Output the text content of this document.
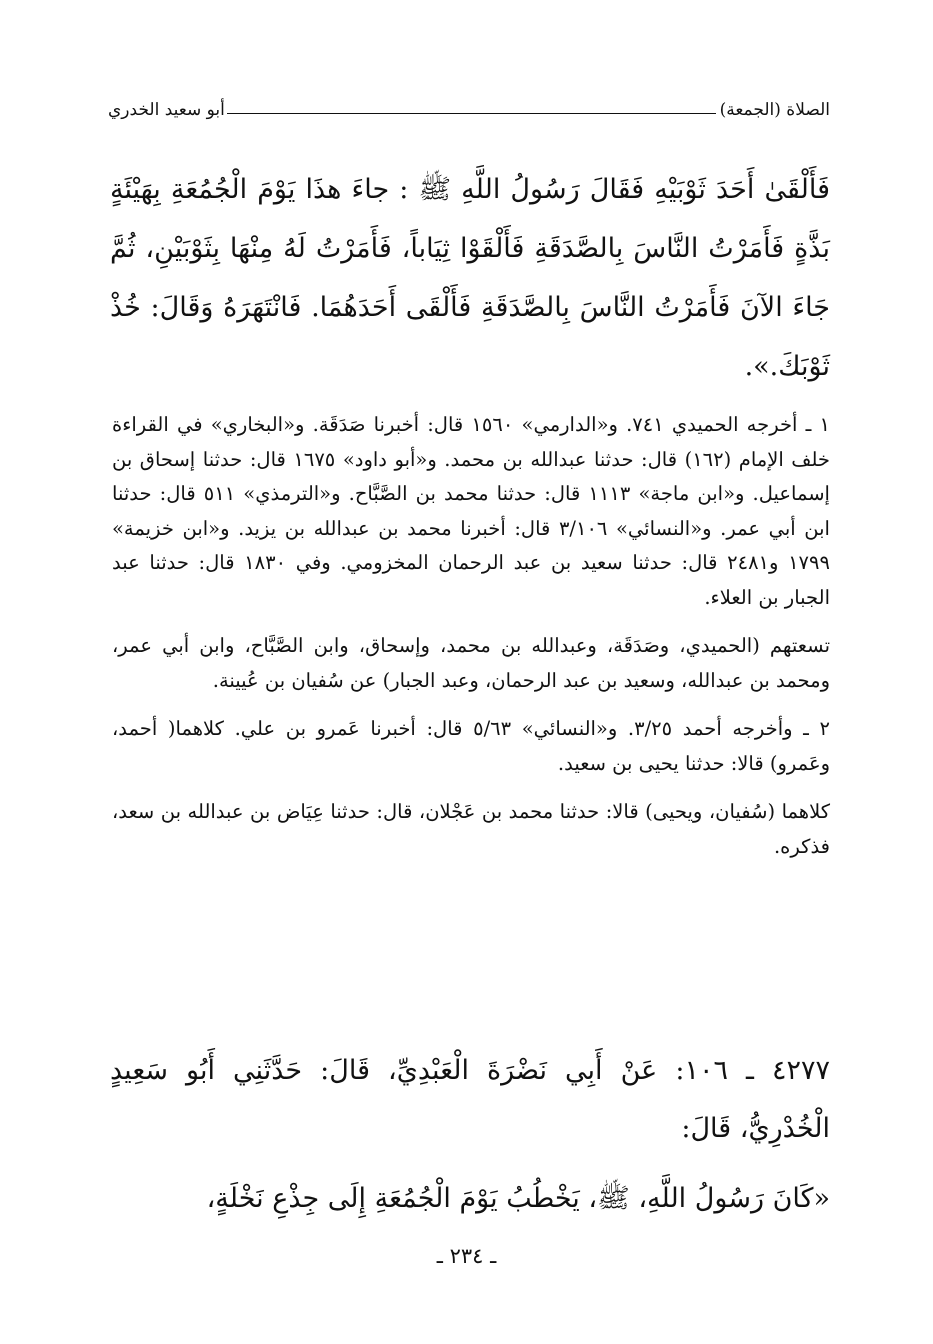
الصلاة (الجمعة)
أبو سعيد الخدري

فَأَلْقَىٰ أَحَدَ ثَوْبَيْهِ فَقَالَ رَسُولُ اللَّهِ ﷺ : جاءَ هذَا يَوْمَ الْجُمُعَةِ بِهَيْئَةٍ بَذَّةٍ فَأَمَرْتُ النَّاسَ بِالصَّدَقَةِ فَأَلْقَوْا ثِيَاباً، فَأَمَرْتُ لَهُ مِنْهَا بِثَوْبَيْنِ، ثُمَّ جَاءَ الآنَ فَأَمَرْتُ النَّاسَ بِالصَّدَقَةِ فَأَلْقَى أَحَدَهُمَا. فَانْتَهَرَهُ وَقَالَ: خُذْ ثَوْبَكَ.».

١ ـ أخرجه الحميدي ٧٤١. و«الدارمي» ١٥٦٠ قال: أخبرنا صَدَقَة. و«البخاري» في القراءة خلف الإمام (١٦٢) قال: حدثنا عبدالله بن محمد. و«أبو داود» ١٦٧٥ قال: حدثنا إسحاق بن إسماعيل. و«ابن ماجة» ١١١٣ قال: حدثنا محمد بن الصَّبَّاح. و«الترمذي» ٥١١ قال: حدثنا ابن أبي عمر. و«النسائي» ٣/١٠٦ قال: أخبرنا محمد بن عبدالله بن يزيد. و«ابن خزيمة» ١٧٩٩ و٢٤٨١ قال: حدثنا سعيد بن عبد الرحمان المخزومي. وفي ١٨٣٠ قال: حدثنا عبد الجبار بن العلاء.

تسعتهم (الحميدي، وصَدَقَة، وعبدالله بن محمد، وإسحاق، وابن الصَّبَّاح، وابن أبي عمر، ومحمد بن عبدالله، وسعيد بن عبد الرحمان، وعبد الجبار) عن سُفيان بن عُيينة.

٢ ـ وأخرجه أحمد ٣/٢٥. و«النسائي» ٥/٦٣ قال: أخبرنا عَمرو بن علي. كلاهما( أحمد، وعَمرو) قالا: حدثنا يحيى بن سعيد.

كلاهما (سُفيان، ويحيى) قالا: حدثنا محمد بن عَجْلان، قال: حدثنا عِيَاض بن عبدالله بن سعد، فذكره.

٤٢٧٧ ـ ١٠٦: عَنْ أَبِي نَضْرَةَ الْعَبْدِيِّ، قَالَ: حَدَّثَنِي أَبُو سَعِيدٍ الْخُدْرِيُّ، قَالَ:

«كَانَ رَسُولُ اللَّهِ، ﷺ، يَخْطُبُ يَوْمَ الْجُمُعَةِ إِلَى جِذْعِ نَخْلَةٍ،

ـ ٢٣٤ ـ
